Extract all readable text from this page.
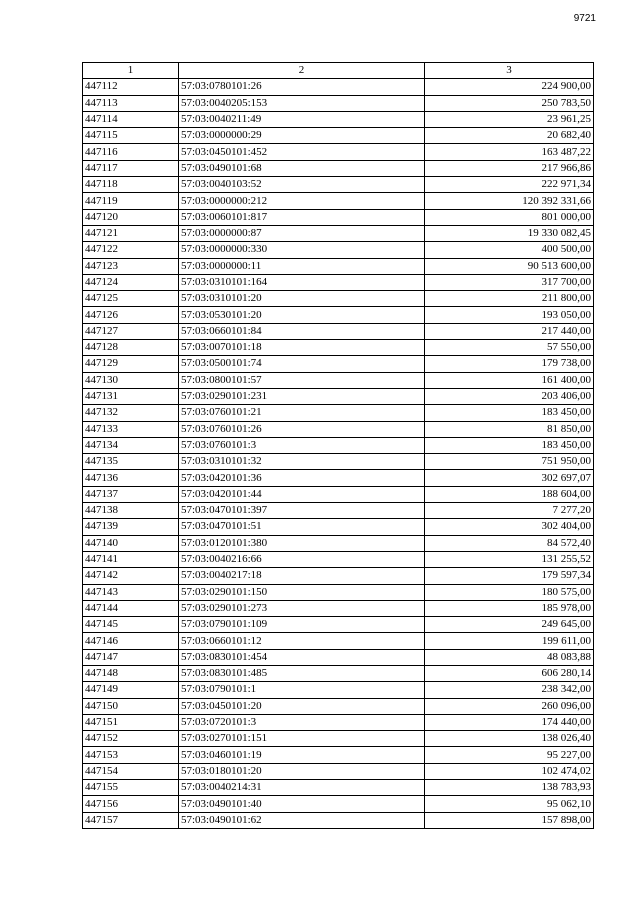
9721
1	2	3
447112	57:03:0780101:26	224 900,00
447113	57:03:0040205:153	250 783,50
447114	57:03:0040211:49	23 961,25
447115	57:03:0000000:29	20 682,40
447116	57:03:0450101:452	163 487,22
447117	57:03:0490101:68	217 966,86
447118	57:03:0040103:52	222 971,34
447119	57:03:0000000:212	120 392 331,66
447120	57:03:0060101:817	801 000,00
447121	57:03:0000000:87	19 330 082,45
447122	57:03:0000000:330	400 500,00
447123	57:03:0000000:11	90 513 600,00
447124	57:03:0310101:164	317 700,00
447125	57:03:0310101:20	211 800,00
447126	57:03:0530101:20	193 050,00
447127	57:03:0660101:84	217 440,00
447128	57:03:0070101:18	57 550,00
447129	57:03:0500101:74	179 738,00
447130	57:03:0800101:57	161 400,00
447131	57:03:0290101:231	203 406,00
447132	57:03:0760101:21	183 450,00
447133	57:03:0760101:26	81 850,00
447134	57:03:0760101:3	183 450,00
447135	57:03:0310101:32	751 950,00
447136	57:03:0420101:36	302 697,07
447137	57:03:0420101:44	188 604,00
447138	57:03:0470101:397	7 277,20
447139	57:03:0470101:51	302 404,00
447140	57:03:0120101:380	84 572,40
447141	57:03:0040216:66	131 255,52
447142	57:03:0040217:18	179 597,34
447143	57:03:0290101:150	180 575,00
447144	57:03:0290101:273	185 978,00
447145	57:03:0790101:109	249 645,00
447146	57:03:0660101:12	199 611,00
447147	57:03:0830101:454	48 083,88
447148	57:03:0830101:485	606 280,14
447149	57:03:0790101:1	238 342,00
447150	57:03:0450101:20	260 096,00
447151	57:03:0720101:3	174 440,00
447152	57:03:0270101:151	138 026,40
447153	57:03:0460101:19	95 227,00
447154	57:03:0180101:20	102 474,02
447155	57:03:0040214:31	138 783,93
447156	57:03:0490101:40	95 062,10
447157	57:03:0490101:62	157 898,00
